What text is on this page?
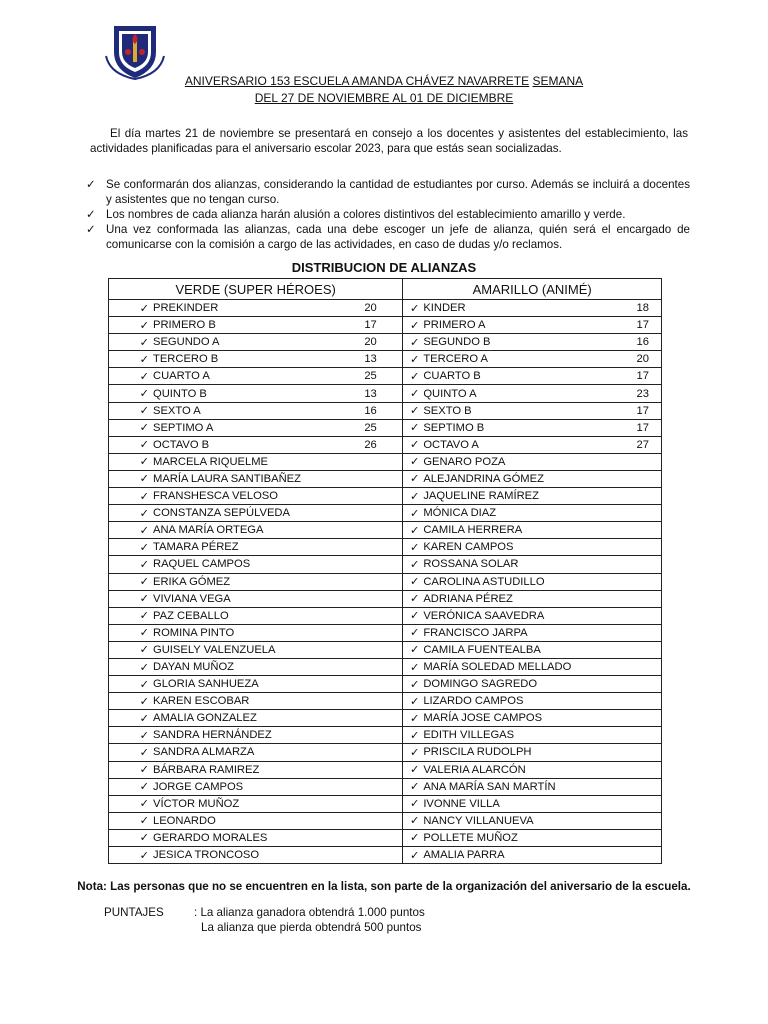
ANIVERSARIO 153 ESCUELA AMANDA CHÁVEZ NAVARRETE SEMANA
DEL 27 DE NOVIEMBRE AL 01 DE DICIEMBRE
El día martes 21 de noviembre se presentará en consejo a los docentes y asistentes del establecimiento, las actividades planificadas para el aniversario escolar 2023, para que estás sean socializadas.
✓ Se conformarán dos alianzas, considerando la cantidad de estudiantes por curso. Además se incluirá a docentes y asistentes que no tengan curso.
✓ Los nombres de cada alianza harán alusión a colores distintivos del establecimiento amarillo y verde.
✓ Una vez conformada las alianzas, cada una debe escoger un jefe de alianza, quién será el encargado de comunicarse con la comisión a cargo de las actividades, en caso de dudas y/o reclamos.
DISTRIBUCION DE ALIANZAS
VERDE (SUPER HÉROES)	AMARILLO (ANIMÉ)

✓ PREKINDER 20	✓ KINDER 18

✓ PRIMERO B 17	✓ PRIMERO A 17

✓ SEGUNDO A 20	✓ SEGUNDO B 16

✓ TERCERO B 13	✓ TERCERO A 20

✓ CUARTO A 25	✓ CUARTO B 17

✓ QUINTO B 13	✓ QUINTO A 23

✓ SEXTO A 16	✓ SEXTO B 17

✓ SEPTIMO A 25	✓ SEPTIMO B 17

✓ OCTAVO B 26	✓ OCTAVO A 27

✓ MARCELA RIQUELME	✓ GENARO POZA

✓ MARÍA LAURA SANTIBAÑEZ	✓ ALEJANDRINA GÓMEZ

✓ FRANSHESCA VELOSO	✓ JAQUELINE RAMÍREZ

✓ CONSTANZA SEPÚLVEDA	✓ MÓNICA DIAZ

✓ ANA MARÍA ORTEGA	✓ CAMILA HERRERA

✓ TAMARA PÉREZ	✓ KAREN CAMPOS

✓ RAQUEL CAMPOS	✓ ROSSANA SOLAR

✓ ERIKA GÓMEZ	✓ CAROLINA ASTUDILLO

✓ VIVIANA VEGA	✓ ADRIANA PÉREZ

✓ PAZ CEBALLO	✓ VERÓNICA SAAVEDRA

✓ ROMINA PINTO	✓ FRANCISCO JARPA

✓ GUISELY VALENZUELA	✓ CAMILA FUENTEALBA

✓ DAYAN MUÑOZ	✓ MARÍA SOLEDAD MELLADO

✓ GLORIA SANHUEZA	✓ DOMINGO SAGREDO

✓ KAREN ESCOBAR	✓ LIZARDO CAMPOS

✓ AMALIA GONZALEZ	✓ MARÍA JOSE CAMPOS

✓ SANDRA HERNÁNDEZ	✓ EDITH VILLEGAS

✓ SANDRA ALMARZA	✓ PRISCILA RUDOLPH

✓ BÁRBARA RAMIREZ	✓ VALERIA ALARCÓN

✓ JORGE CAMPOS	✓ ANA MARÍA SAN MARTÍN

✓ VÍCTOR MUÑOZ	✓ IVONNE VILLA

✓ LEONARDO	✓ NANCY VILLANUEVA

✓ GERARDO MORALES	✓ POLLETE MUÑOZ

✓ JESICA TRONCOSO	✓ AMALIA PARRA
Nota: Las personas que no se encuentren en la lista, son parte de la organización del aniversario de la escuela.
PUNTAJES	: La alianza ganadora obtendrá 1.000 puntos
La alianza que pierda obtendrá 500 puntos
